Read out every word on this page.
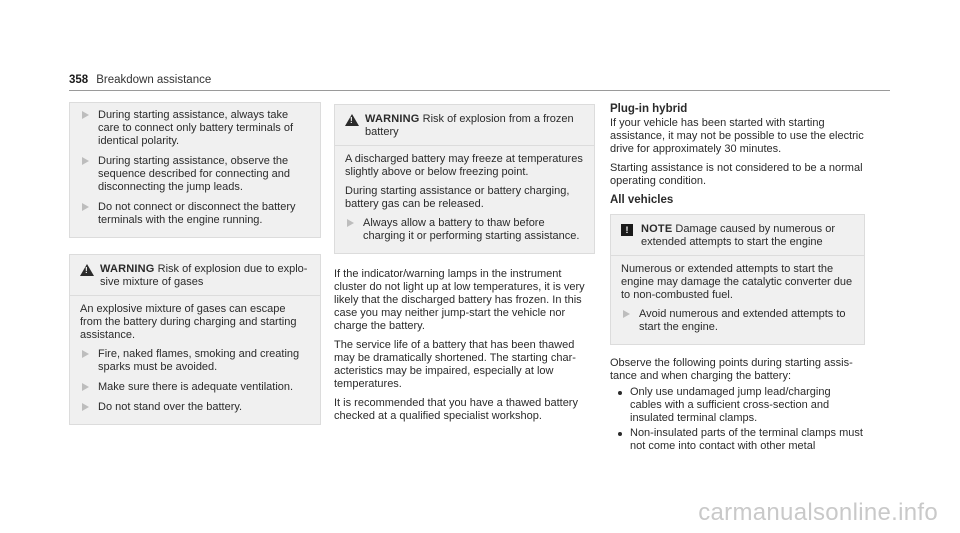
358 Breakdown assistance
During starting assistance, always take care to connect only battery terminals of identical polarity.
During starting assistance, observe the sequence described for connecting and disconnecting the jump leads.
Do not connect or disconnect the battery terminals with the engine running.
! WARNING Risk of explosion due to explosive mixture of gases
An explosive mixture of gases can escape from the battery during charging and starting assistance.
Fire, naked flames, smoking and creating sparks must be avoided.
Make sure there is adequate ventilation.
Do not stand over the battery.
! WARNING Risk of explosion from a frozen battery
A discharged battery may freeze at temperatures slightly above or below freezing point.
During starting assistance or battery charging, battery gas can be released.
Always allow a battery to thaw before charging it or performing starting assistance.

If the indicator/warning lamps in the instrument cluster do not light up at low temperatures, it is very likely that the discharged battery has frozen. In this case you may neither jump-start the vehicle nor charge the battery.

The service life of a battery that has been thawed may be dramatically shortened. The starting characteristics may be impaired, especially at low temperatures.

It is recommended that you have a thawed battery checked at a qualified specialist workshop.

Plug-in hybrid

If your vehicle has been started with starting assistance, it may not be possible to use the electric drive for approximately 30 minutes.

Starting assistance is not considered to be a normal operating condition.

All vehicles
!	NOTE Damage caused by numerous or extended attempts to start the engine
Numerous or extended attempts to start the engine may damage the catalytic converter due to non-combusted fuel.
Avoid numerous and extended attempts to start the engine.

Observe the following points during starting assistance and when charging the battery:

Only use undamaged jump lead/charging cables with a sufficient cross-section and insulated terminal clamps.
Non-insulated parts of the terminal clamps must not come into contact with other metal
carmanualsonline.info
